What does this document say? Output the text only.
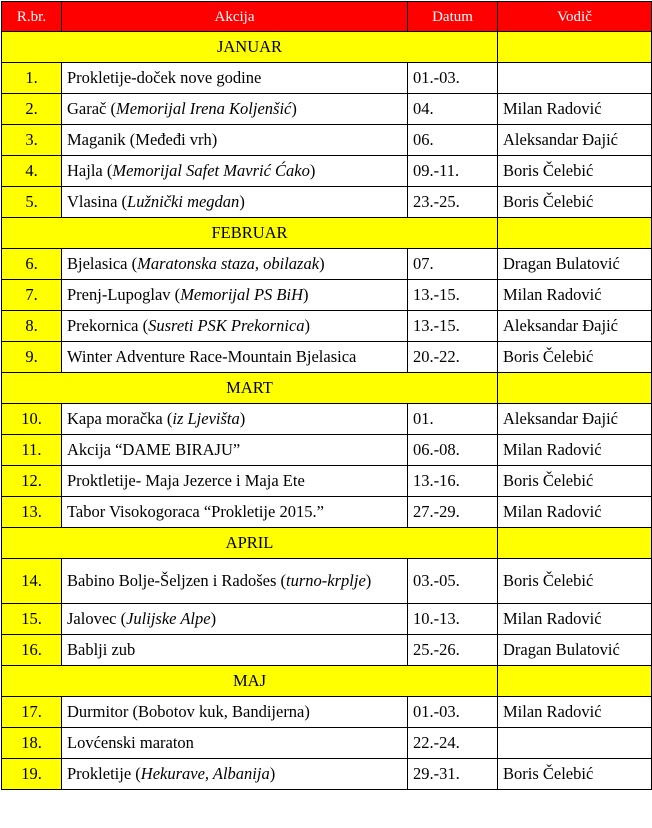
R.br.	Akcija	Datum	Vodič
JANUAR			
1.	Prokletije-doček nove godine	01.-03.	
2.	Garač (Memorijal Irena Koljenšić)	04.	Milan Radović
3.	Maganik (Međeđi vrh)	06.	Aleksandar Đajić
4.	Hajla (Memorijal Safet Mavrić Ćako)	09.-11.	Boris Čelebić
5.	Vlasina (Lužnički megdan)	23.-25.	Boris Čelebić
FEBRUAR			
6.	Bjelasica (Maratonska staza, obilazak)	07.	Dragan Bulatović
7.	Prenj-Lupoglav (Memorijal PS BiH)	13.-15.	Milan Radović
8.	Prekornica (Susreti PSK Prekornica)	13.-15.	Aleksandar Đajić
9.	Winter Adventure Race-Mountain Bjelasica	20.-22.	Boris Čelebić
MART			
10.	Kapa moračka (iz Ljevišta)	01.	Aleksandar Đajić
11.	Akcija “DAME BIRAJU”	06.-08.	Milan Radović
12.	Proktletije- Maja Jezerce i Maja Ete	13.-16.	Boris Čelebić
13.	Tabor Visokogoraca “Prokletije 2015.”	27.-29.	Milan Radović
APRIL			
14.	Babino Bolje-Šeljzen i Radošes (turno-krplje)	03.-05.	Boris Čelebić
15.	Jalovec (Julijske Alpe)	10.-13.	Milan Radović
16.	Babljі zub	25.-26.	Dragan Bulatović
MAJ			
17.	Durmitor (Bobotov kuk, Bandijerna)	01.-03.	Milan Radović
18.	Lovćenski maraton	22.-24.	
19.	Prokletije (Hekurave, Albanija)	29.-31.	Boris Čelebić
